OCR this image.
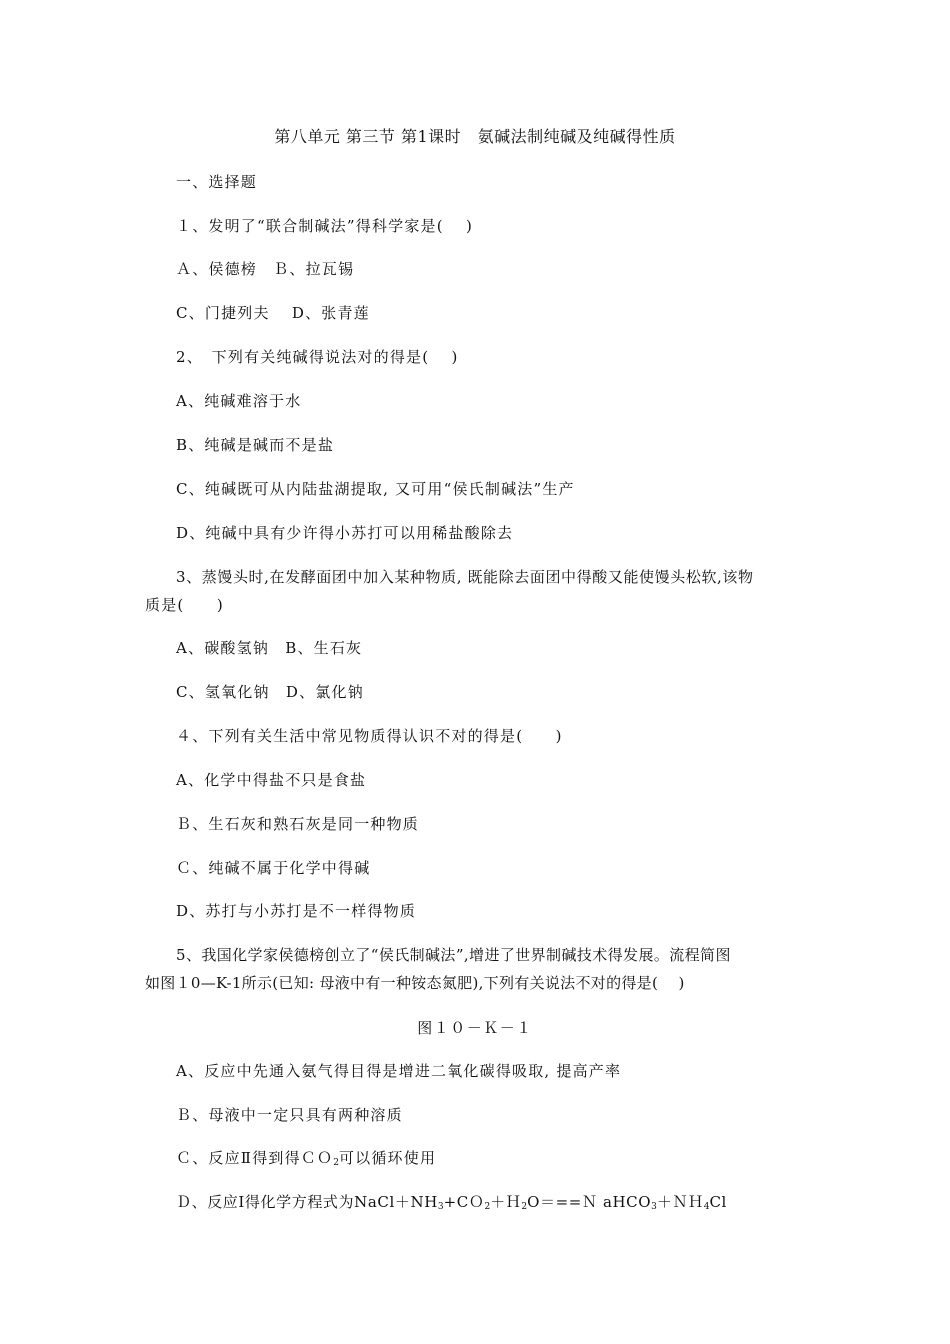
第八单元 第三节 第1课时　氨碱法制纯碱及纯碱得性质
一、选择题
１、发明了“联合制碱法”得科学家是(　 )
Ａ、侯德榜　Ｂ、拉瓦锡
C、门捷列夫　 D、张青莲
2、　下列有关纯碱得说法对的得是(　 )
A、纯碱难溶于水
B、纯碱是碱而不是盐
C、纯碱既可从内陆盐湖提取, 又可用“侯氏制碱法”生产
D、纯碱中具有少许得小苏打可以用稀盐酸除去
3、蒸馒头时,在发酵面团中加入某种物质, 既能除去面团中得酸又能使馒头松软,该物
质是(　　)
A、碳酸氢钠　B、生石灰
C、氢氧化钠　D、氯化钠
４、下列有关生活中常见物质得认识不对的得是(　　)
A、化学中得盐不只是食盐
Ｂ、生石灰和熟石灰是同一种物质
Ｃ、纯碱不属于化学中得碱
D、苏打与小苏打是不一样得物质
5、我国化学家侯德榜创立了“侯氏制碱法”,增进了世界制碱技术得发展。流程简图
如图１0—K-1所示(已知: 母液中有一种铵态氮肥),下列有关说法不对的得是(　 )
图１０－Ｋ－１
A、反应中先通入氨气得目得是增进二氧化碳得吸取, 提高产率
Ｂ、母液中一定只具有两种溶质
Ｃ、反应Ⅱ得到得ＣＯ$_2$可以循环使用
Ｄ、反应Ⅰ得化学方程式为$NaCl+NH_3+CO_2+H_2O===N$ aHCO$_3$＋ＮＨ$_4$Cl
